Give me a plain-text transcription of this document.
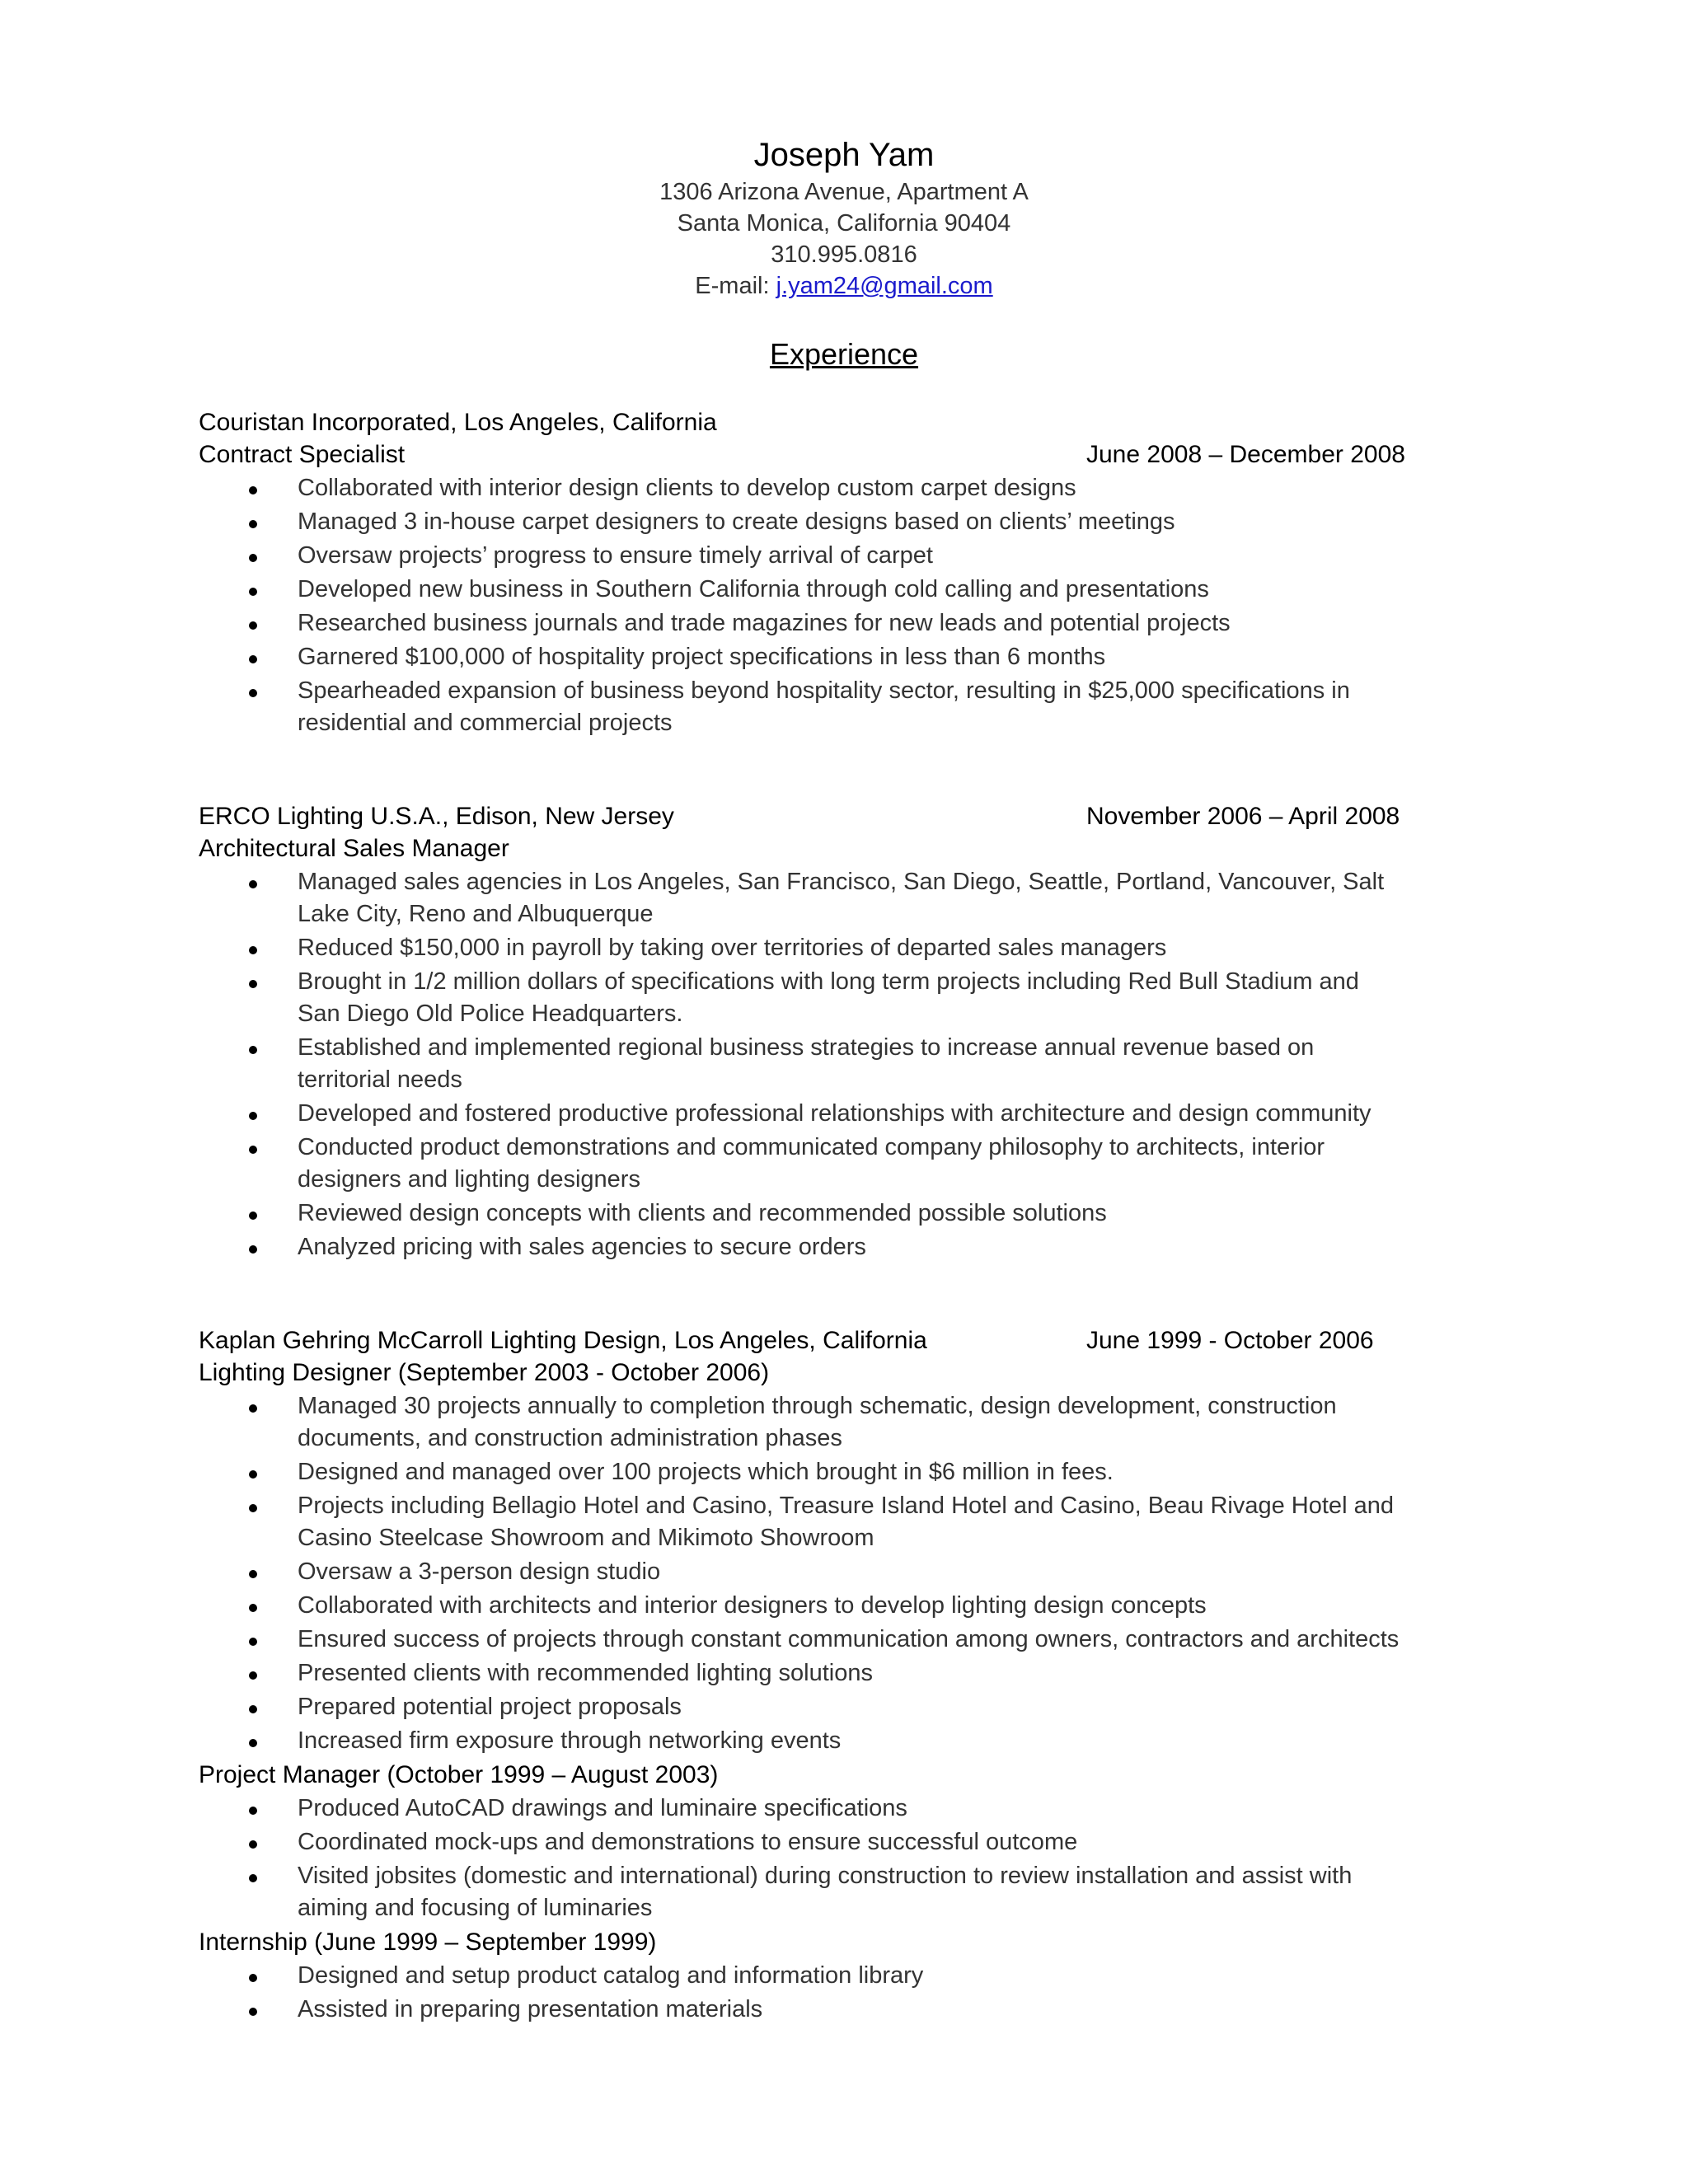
Joseph Yam
1306 Arizona Avenue, Apartment A
Santa Monica, California 90404
310.995.0816
E-mail: j.yam24@gmail.com
Experience
Couristan Incorporated, Los Angeles, California
Contract Specialist	June 2008 – December 2008
Collaborated with interior design clients to develop custom carpet designs
Managed 3 in-house carpet designers to create designs based on clients’ meetings
Oversaw projects’ progress to ensure timely arrival of carpet
Developed new business in Southern California through cold calling and presentations
Researched business journals and trade magazines for new leads and potential projects
Garnered $100,000 of hospitality project specifications in less than 6 months
Spearheaded expansion of business beyond hospitality sector, resulting in $25,000 specifications in residential and commercial projects
ERCO Lighting U.S.A., Edison, New Jersey	November 2006 – April 2008
Architectural Sales Manager
Managed sales agencies in Los Angeles, San Francisco, San Diego, Seattle, Portland, Vancouver, Salt Lake City, Reno and Albuquerque
Reduced $150,000 in payroll by taking over territories of departed sales managers
Brought in 1/2 million dollars of specifications with long term projects including Red Bull Stadium and San Diego Old Police Headquarters.
Established and implemented regional business strategies to increase annual revenue based on territorial needs
Developed and fostered productive professional relationships with architecture and design community
Conducted product demonstrations and communicated company philosophy to architects, interior designers and lighting designers
Reviewed design concepts with clients and recommended possible solutions
Analyzed pricing with sales agencies to secure orders
Kaplan Gehring McCarroll Lighting Design, Los Angeles, California	June 1999 - October 2006
Lighting Designer (September 2003 - October 2006)
Managed 30 projects annually to completion through schematic, design development, construction documents, and construction administration phases
Designed and managed over 100 projects which brought in $6 million in fees.
Projects including Bellagio Hotel and Casino, Treasure Island Hotel and Casino, Beau Rivage Hotel and Casino Steelcase Showroom and Mikimoto Showroom
Oversaw a 3-person design studio
Collaborated with architects and interior designers to develop lighting design concepts
Ensured success of projects through constant communication among owners, contractors and architects
Presented clients with recommended lighting solutions
Prepared potential project proposals
Increased firm exposure through networking events
Project Manager (October 1999 – August 2003)
Produced AutoCAD drawings and luminaire specifications
Coordinated mock-ups and demonstrations to ensure successful outcome
Visited jobsites (domestic and international) during construction to review installation and assist with aiming and focusing of luminaries
Internship (June 1999 – September 1999)
Designed and setup product catalog and information library
Assisted in preparing presentation materials
